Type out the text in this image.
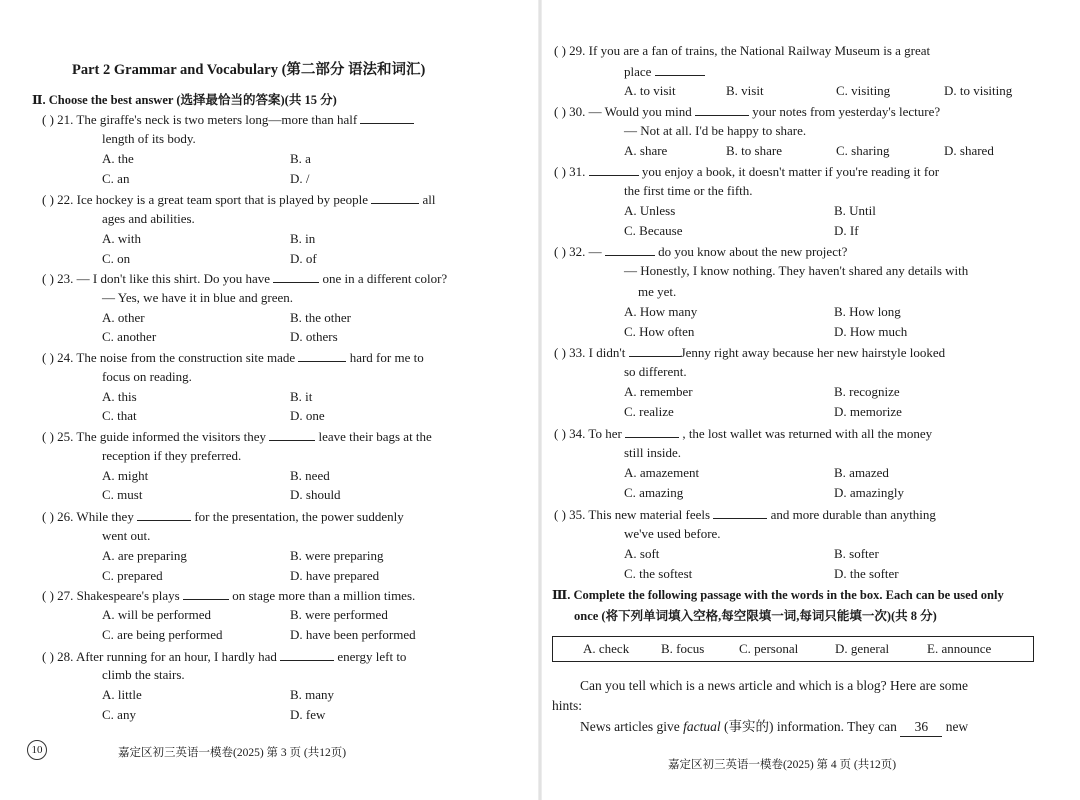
Part 2 Grammar and Vocabulary (第二部分 语法和词汇)
Ⅱ. Choose the best answer (选择最恰当的答案)(共 15 分)
( ) 21. The giraffe's neck is two meters long—more than half
length of its body.
A. the	B. a
C. an	D. /
( ) 22. Ice hockey is a great team sport that is played by people	all
ages and abilities.
A. with	B. in
C. on	D. of
( ) 23. — I don't like this shirt. Do you have	one in a different color?
— Yes, we have it in blue and green.
A. other	B. the other
C. another	D. others
( ) 24. The noise from the construction site made	hard for me to
focus on reading.
A. this	B. it
C. that	D. one
( ) 25. The guide informed the visitors they	leave their bags at the
reception if they preferred.
A. might	B. need
C. must	D. should
( ) 26. While they	for the presentation, the power suddenly
went out.
A. are preparing	B. were preparing
C. prepared	D. have prepared
( ) 27. Shakespeare's plays	on stage more than a million times.
A. will be performed	B. were performed
C. are being performed	D. have been performed
( ) 28. After running for an hour, I hardly had	energy left to
climb the stairs.
A. little	B. many
C. any	D. few
10	嘉定区初三英语一模卷(2025) 第 3 页 (共12页)
( ) 29. If you are a fan of trains, the National Railway Museum is a great
place
A. to visit	B. visit	C. visiting	D. to visiting
( ) 30. — Would you mind	your notes from yesterday's lecture?
— Not at all. I'd be happy to share.
A. share	B. to share	C. sharing	D. shared
( ) 31.	you enjoy a book, it doesn't matter if you're reading it for
the first time or the fifth.
A. Unless	B. Until
C. Because	D. If
( ) 32. —	do you know about the new project?
— Honestly, I know nothing. They haven't shared any details with
me yet.
A. How many	B. How long
C. How often	D. How much
( ) 33. I didn't	Jenny right away because her new hairstyle looked
so different.
A. remember	B. recognize
C. realize	D. memorize
( ) 34. To her	, the lost wallet was returned with all the money
still inside.
A. amazement	B. amazed
C. amazing	D. amazingly
( ) 35. This new material feels	and more durable than anything
we've used before.
A. soft	B. softer
C. the softest	D. the softer
Ⅲ. Complete the following passage with the words in the box. Each can be used only
once (将下列单词填入空格,每空限填一词,每词只能填一次)(共 8 分)
A. check B. focus	C. personal	D. general	E. announce
Can you tell which is a news article and which is a blog? Here are some
hints:
News articles give factual (事实的) information. They can 36 new
嘉定区初三英语一模卷(2025) 第 4 页 (共12页)
